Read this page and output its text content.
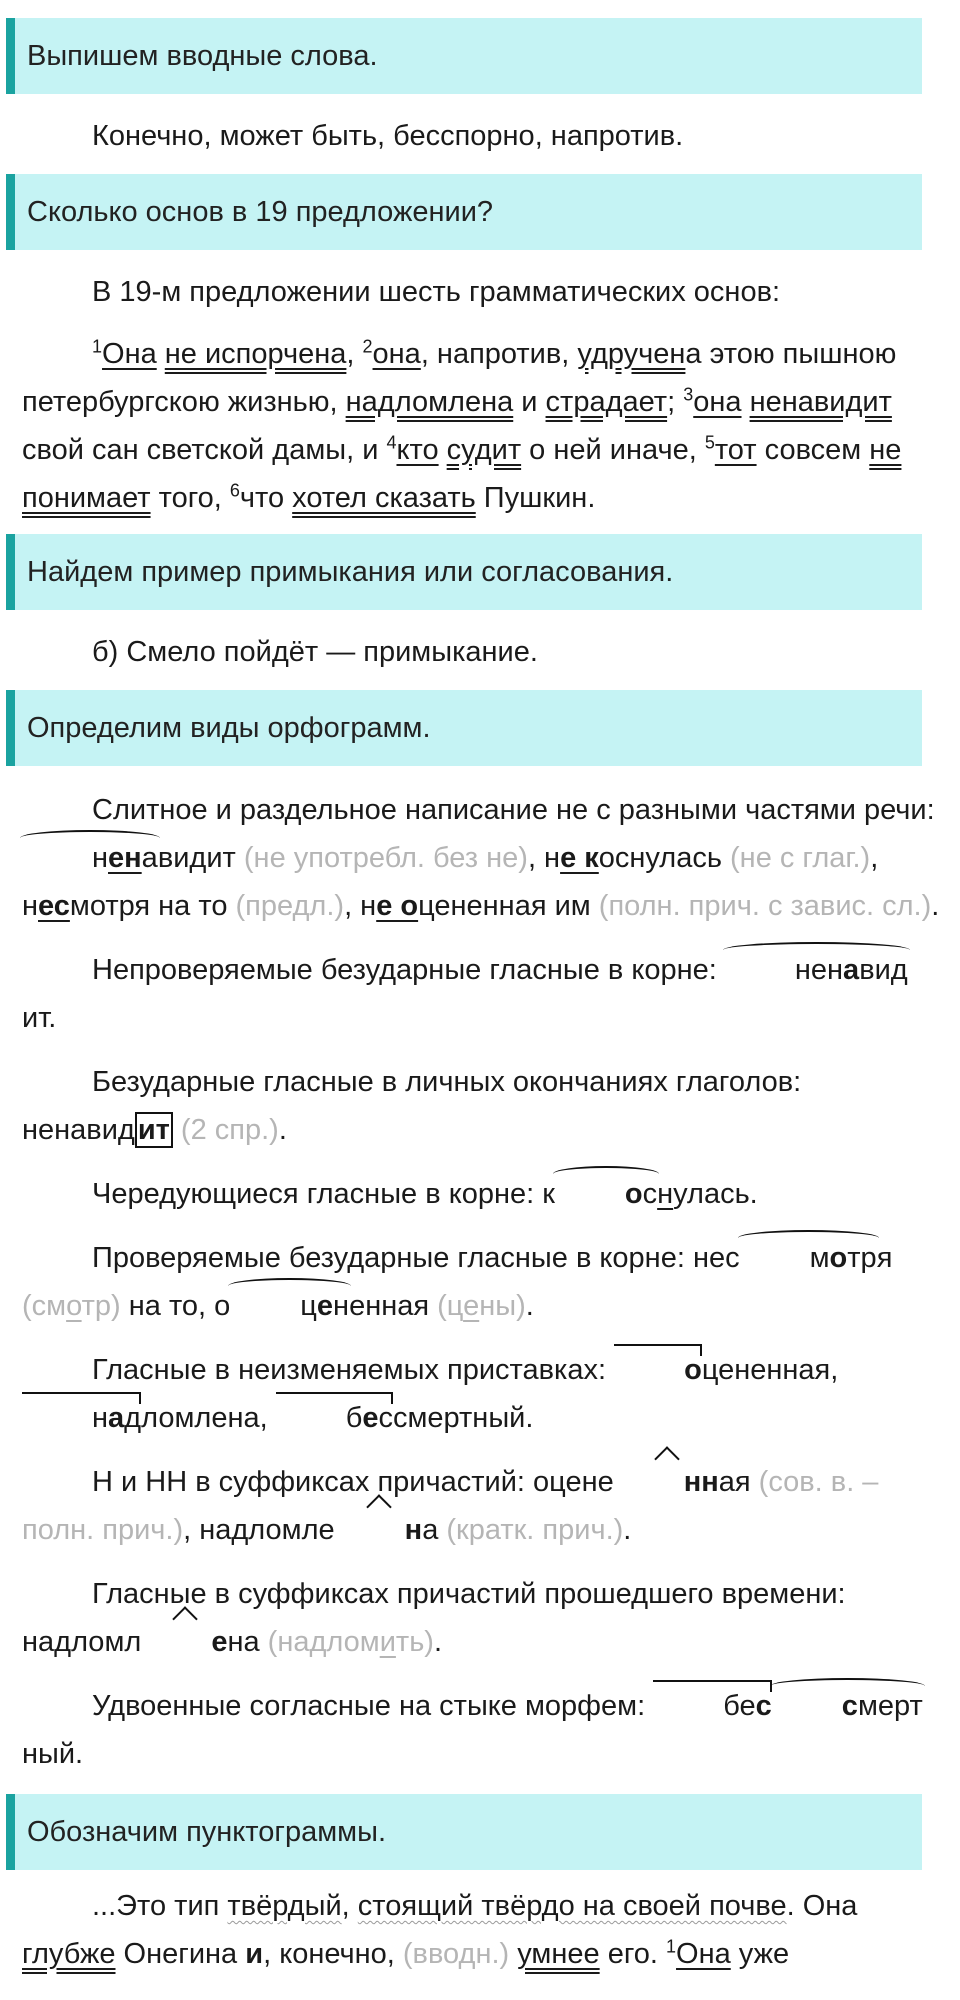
Выпишем вводные слова.

Конечно, может быть, бесспорно, напротив.

Сколько основ в 19 предложении?

В 19-м предложении шесть грамматических основ:

$^1$Она не испорчена, $^2$она, напротив, удручена этою пышною петербургскою жизнью, надломлена и страдает; $^3$она ненавидит свой сан светской дамы, и $^4$кто судит о ней иначе, $^5$тот совсем не понимает того, $^6$что хотел сказать Пушкин.

Найдем пример примыкания или согласования.

б) Смело пойдёт — примыкание.

Определим виды орфограмм.

Слитное и раздельное написание не с разными частями речи: ненавидит (не употребл. без не), не коснулась (не с глаг.), несмотря на то (предл.), не оцененная им (полн. прич. с завис. сл.).

Непроверяемые безударные гласные в корне: ненавидит.

Безударные гласные в личных окончаниях глаголов: ненавид ит (2 спр.).

Чередующиеся гласные в корне: к оснулась.

Проверяемые безударные гласные в корне: нес мотря (смотр) на то, о цененная (цены).

Гласные в неизменяемых приставках: оцененная, надломлена, бессмертный.

Н и НН в суффиксах причастий: оцене нная (сов. в. – полн. прич.), надломле на (кратк. прич.).

Гласные в суффиксах причастий прошедшего времени: надломл ена (надломить).

Удвоенные согласные на стыке морфем: бес смертный.

Обозначим пунктограммы.

...Это тип твёрдый, стоящий твёрдо на своей почве. Она глубже Онегина и, конечно, (вводн.) умнее его. $^1$Она уже
